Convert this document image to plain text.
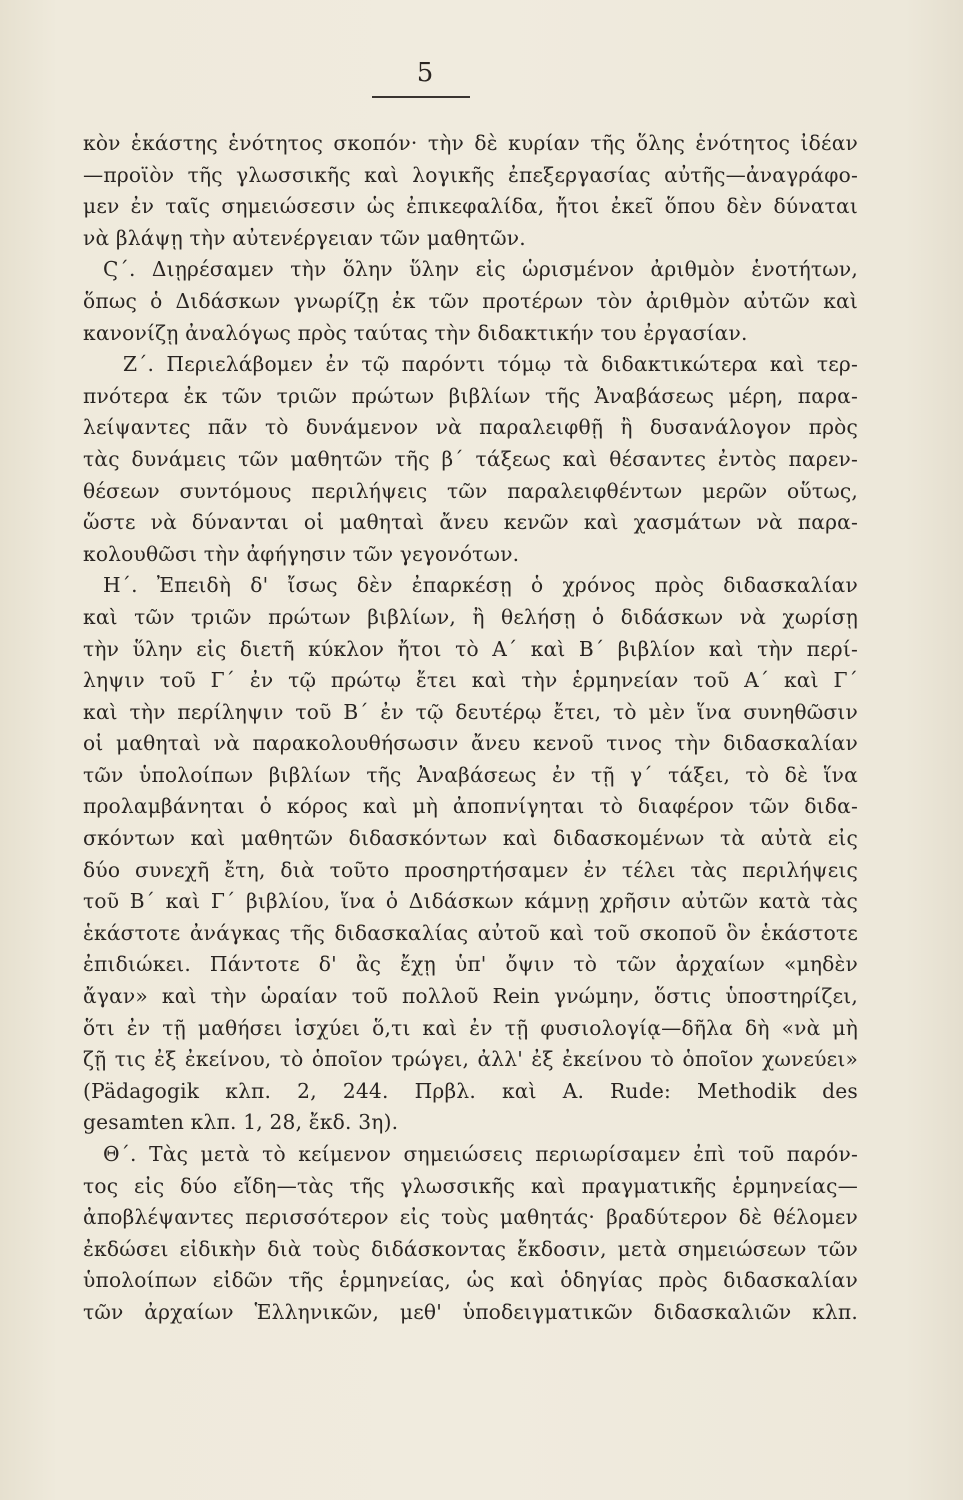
5
κὸν ἑκάστης ἑνότητος σκοπόν· τὴν δὲ κυρίαν τῆς ὅλης ἑνότητος ἰδέαν
—προϊὸν τῆς γλωσσικῆς καὶ λογικῆς ἐπεξεργασίας αὐτῆς—ἀναγράφο-
μεν ἐν ταῖς σημειώσεσιν ὡς ἐπικεφαλίδα, ἤτοι ἐκεῖ ὅπου δὲν δύναται
νὰ βλάψῃ τὴν αὐτενέργειαν τῶν μαθητῶν.
Ϛ΄. Διῃρέσαμεν τὴν ὅλην ὕλην εἰς ὡρισμένον ἀριθμὸν ἑνοτήτων,
ὅπως ὁ Διδάσκων γνωρίζῃ ἐκ τῶν προτέρων τὸν ἀριθμὸν αὐτῶν καὶ
κανονίζῃ ἀναλόγως πρὸς ταύτας τὴν διδακτικήν του ἐργασίαν.
Ζ΄. Περιελάβομεν ἐν τῷ παρόντι τόμῳ τὰ διδακτικώτερα καὶ τερ-
πνότερα ἐκ τῶν τριῶν πρώτων βιβλίων τῆς Ἀναβάσεως μέρη, παρα-
λείψαντες πᾶν τὸ δυνάμενον νὰ παραλειφθῇ ἢ δυσανάλογον πρὸς
τὰς δυνάμεις τῶν μαθητῶν τῆς β΄ τάξεως καὶ θέσαντες ἐντὸς παρεν-
θέσεων συντόμους περιλήψεις τῶν παραλειφθέντων μερῶν οὕτως,
ὥστε νὰ δύνανται οἱ μαθηταὶ ἄνευ κενῶν καὶ χασμάτων νὰ παρα-
κολουθῶσι τὴν ἀφήγησιν τῶν γεγονότων.
Η΄. Ἐπειδὴ δ' ἴσως δὲν ἐπαρκέσῃ ὁ χρόνος πρὸς διδασκαλίαν
καὶ τῶν τριῶν πρώτων βιβλίων, ἢ θελήσῃ ὁ διδάσκων νὰ χωρίσῃ
τὴν ὕλην εἰς διετῆ κύκλον ἤτοι τὸ Α΄ καὶ Β΄ βιβλίον καὶ τὴν περί-
ληψιν τοῦ Γ΄ ἐν τῷ πρώτῳ ἔτει καὶ τὴν ἑρμηνείαν τοῦ Α΄ καὶ Γ΄
καὶ τὴν περίληψιν τοῦ Β΄ ἐν τῷ δευτέρῳ ἔτει, τὸ μὲν ἵνα συνηθῶσιν
οἱ μαθηταὶ νὰ παρακολουθήσωσιν ἄνευ κενοῦ τινος τὴν διδασκαλίαν
τῶν ὑπολοίπων βιβλίων τῆς Ἀναβάσεως ἐν τῇ γ΄ τάξει, τὸ δὲ ἵνα
προλαμβάνηται ὁ κόρος καὶ μὴ ἀποπνίγηται τὸ διαφέρον τῶν διδα-
σκόντων καὶ μαθητῶν διδασκόντων καὶ διδασκομένων τὰ αὐτὰ εἰς
δύο συνεχῆ ἔτη, διὰ τοῦτο προσηρτήσαμεν ἐν τέλει τὰς περιλήψεις
τοῦ Β΄ καὶ Γ΄ βιβλίου, ἵνα ὁ Διδάσκων κάμνῃ χρῆσιν αὐτῶν κατὰ τὰς
ἑκάστοτε ἀνάγκας τῆς διδασκαλίας αὐτοῦ καὶ τοῦ σκοποῦ ὃν ἑκάστοτε
ἐπιδιώκει. Πάντοτε δ' ἂς ἔχῃ ὑπ' ὄψιν τὸ τῶν ἀρχαίων «μηδὲν
ἄγαν» καὶ τὴν ὡραίαν τοῦ πολλοῦ Rein γνώμην, ὅστις ὑποστηρίζει,
ὅτι ἐν τῇ μαθήσει ἰσχύει ὅ,τι καὶ ἐν τῇ φυσιολογίᾳ—δῆλα δὴ «νὰ μὴ
ζῇ τις ἐξ ἐκείνου, τὸ ὁποῖον τρώγει, ἀλλ' ἐξ ἐκείνου τὸ ὁποῖον χωνεύει»
(Pädagogik κλπ. 2, 244. Πρβλ. καὶ A. Rude: Methodik des
gesamten κλπ. 1, 28, ἔκδ. 3η).
Θ΄. Τὰς μετὰ τὸ κείμενον σημειώσεις περιωρίσαμεν ἐπὶ τοῦ παρόν-
τος εἰς δύο εἴδη—τὰς τῆς γλωσσικῆς καὶ πραγματικῆς ἑρμηνείας—
ἀποβλέψαντες περισσότερον εἰς τοὺς μαθητάς· βραδύτερον δὲ θέλομεν
ἐκδώσει εἰδικὴν διὰ τοὺς διδάσκοντας ἔκδοσιν, μετὰ σημειώσεων τῶν
ὑπολοίπων εἰδῶν τῆς ἑρμηνείας, ὡς καὶ ὁδηγίας πρὸς διδασκαλίαν
τῶν ἀρχαίων Ἑλληνικῶν, μεθ' ὑποδειγματικῶν διδασκαλιῶν κλπ.
